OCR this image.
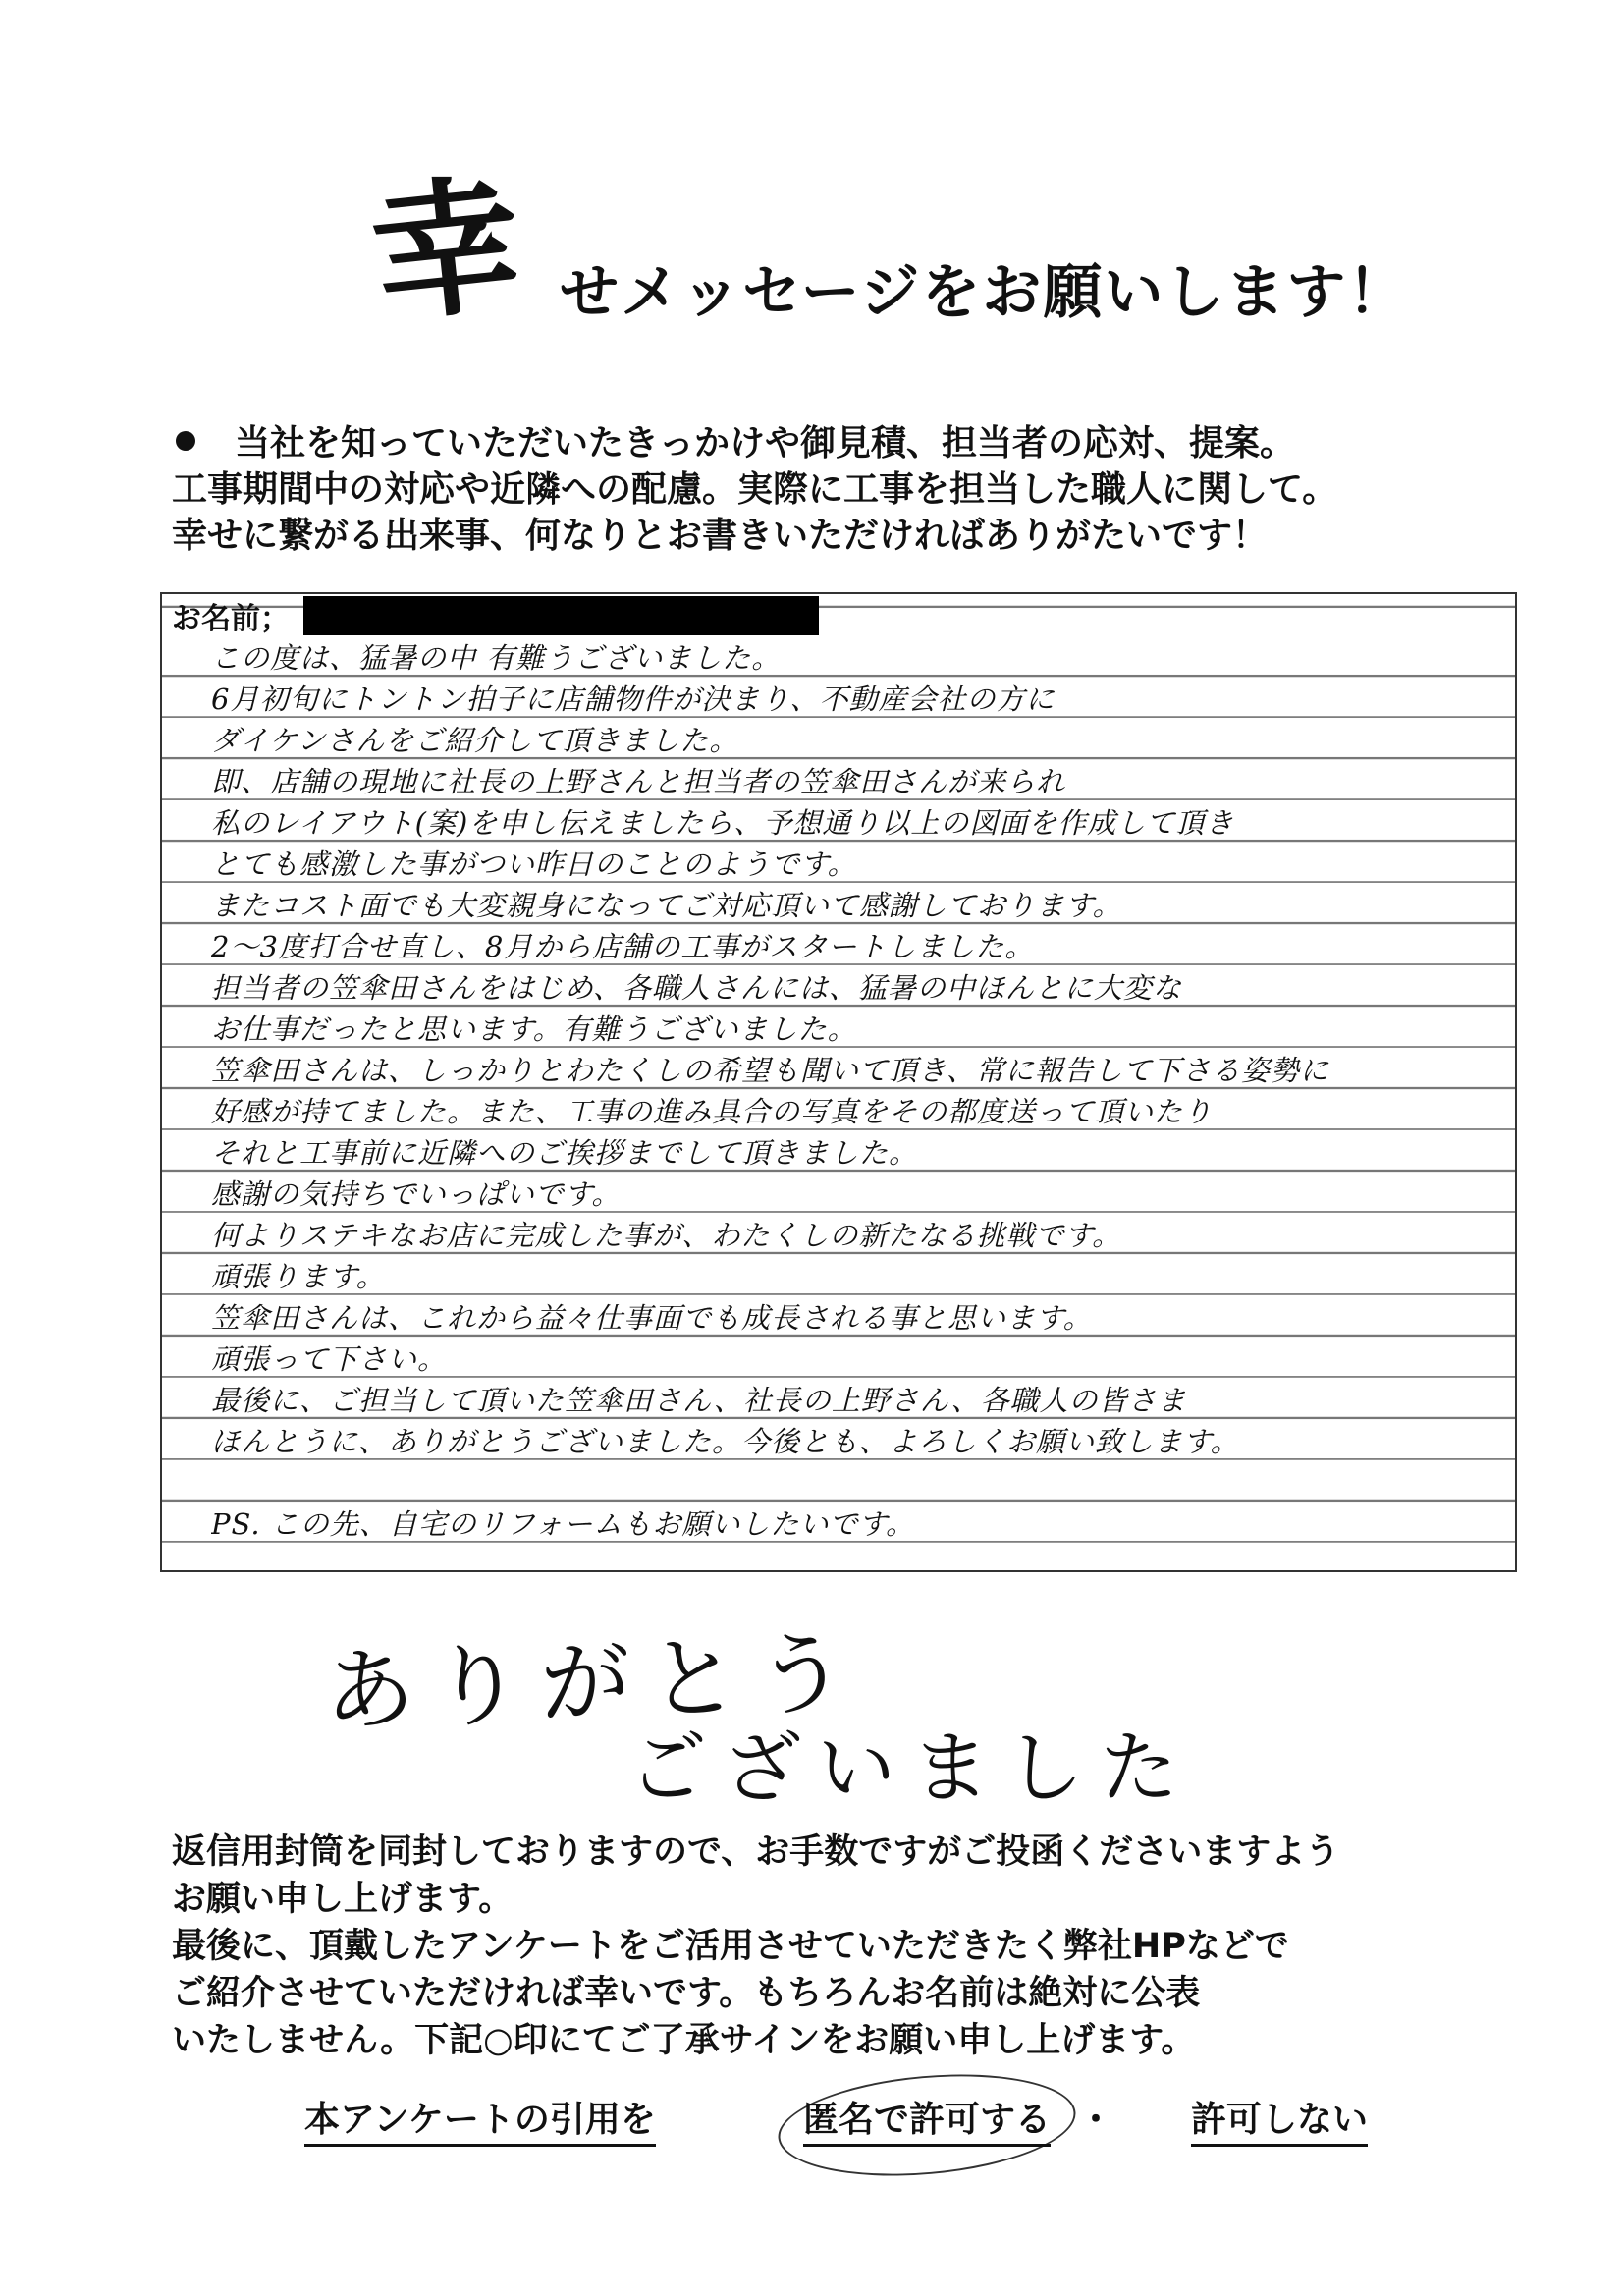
幸 せメッセージをお願いします！
当社を知っていただいたきっかけや御見積、担当者の応対、提案。
工事期間中の対応や近隣への配慮。実際に工事を担当した職人に関して。
幸せに繋がる出来事、何なりとお書きいただければありがたいです！
お名前；
この度は、猛暑の中 有難うございました。
6月初旬にトントン拍子に店舗物件が決まり、不動産会社の方に
ダイケンさんをご紹介して頂きました。
即、店舗の現地に社長の上野さんと担当者の笠傘田さんが来られ
私のレイアウト(案)を申し伝えましたら、予想通り以上の図面を作成して頂き
とても感激した事がつい昨日のことのようです。
またコスト面でも大変親身になってご対応頂いて感謝しております。
2～3度打合せ直し、8月から店舗の工事がスタートしました。
担当者の笠傘田さんをはじめ、各職人さんには、猛暑の中ほんとに大変な
お仕事だったと思います。有難うございました。
笠傘田さんは、しっかりとわたくしの希望も聞いて頂き、常に報告して下さる姿勢に
好感が持てました。また、工事の進み具合の写真をその都度送って頂いたり
それと工事前に近隣へのご挨拶までして頂きました。
感謝の気持ちでいっぱいです。
何よりステキなお店に完成した事が、わたくしの新たなる挑戦です。
頑張ります。
笠傘田さんは、これから益々仕事面でも成長される事と思います。
頑張って下さい。
最後に、ご担当して頂いた笠傘田さん、社長の上野さん、各職人の皆さま
ほんとうに、ありがとうございました。今後とも、よろしくお願い致します。
PS. この先、自宅のリフォームもお願いしたいです。
ありがとう
ございました
返信用封筒を同封しておりますので、お手数ですがご投函くださいますよう
お願い申し上げます。
最後に、頂戴したアンケートをご活用させていただきたく弊社HPなどで
ご紹介させていただければ幸いです。もちろんお名前は絶対に公表
いたしません。下記○印にてご了承サインをお願い申し上げます。
本アンケートの引用を	匿名で許可する ・ 許可しない
